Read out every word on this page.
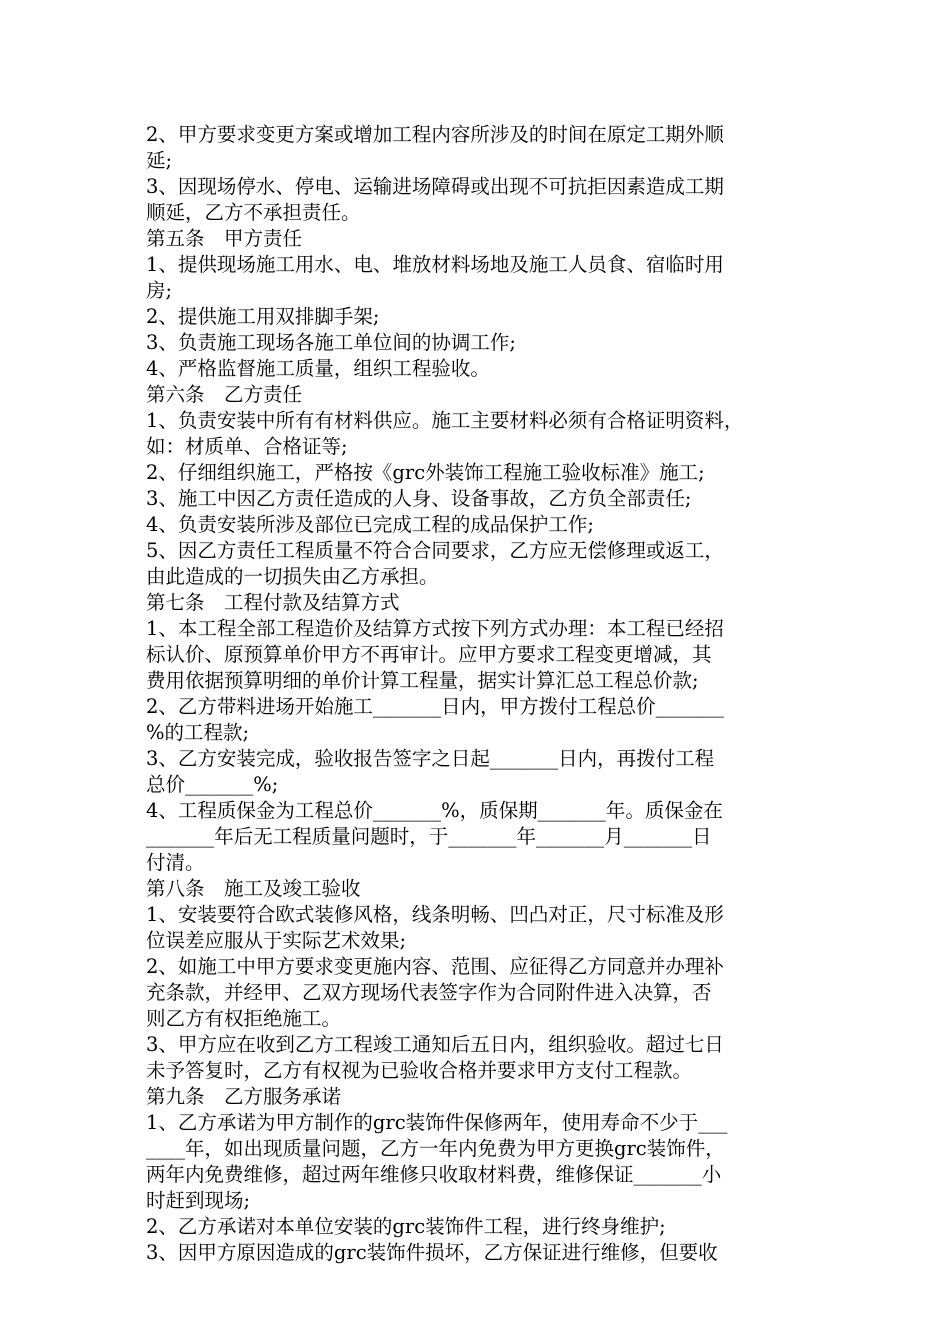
2、甲方要求变更方案或增加工程内容所涉及的时间在原定工期外顺
延;
3、因现场停水、停电、运输进场障碍或出现不可抗拒因素造成工期
顺延，乙方不承担责任。
第五条　甲方责任
1、提供现场施工用水、电、堆放材料场地及施工人员食、宿临时用
房;
2、提供施工用双排脚手架;
3、负责施工现场各施工单位间的协调工作;
4、严格监督施工质量，组织工程验收。
第六条　乙方责任
1、负责安装中所有有材料供应。施工主要材料必须有合格证明资料，
如：材质单、合格证等;
2、仔细组织施工，严格按《grc外装饰工程施工验收标准》施工;
3、施工中因乙方责任造成的人身、设备事故，乙方负全部责任;
4、负责安装所涉及部位已完成工程的成品保护工作;
5、因乙方责任工程质量不符合合同要求，乙方应无偿修理或返工，
由此造成的一切损失由乙方承担。
第七条　工程付款及结算方式
1、本工程全部工程造价及结算方式按下列方式办理：本工程已经招
标认价、原预算单价甲方不再审计。应甲方要求工程变更增减，其
费用依据预算明细的单价计算工程量，据实计算汇总工程总价款;
2、乙方带料进场开始施工_______日内，甲方拨付工程总价_______
%的工程款;
3、乙方安装完成，验收报告签字之日起_______日内，再拨付工程
总价_______%;
4、工程质保金为工程总价_______%，质保期_______年。质保金在
_______年后无工程质量问题时，于_______年_______月_______日
付清。
第八条　施工及竣工验收
1、安装要符合欧式装修风格，线条明畅、凹凸对正，尺寸标准及形
位误差应服从于实际艺术效果;
2、如施工中甲方要求变更施内容、范围、应征得乙方同意并办理补
充条款，并经甲、乙双方现场代表签字作为合同附件进入决算，否
则乙方有权拒绝施工。
3、甲方应在收到乙方工程竣工通知后五日内，组织验收。超过七日
未予答复时，乙方有权视为已验收合格并要求甲方支付工程款。
第九条　乙方服务承诺
1、乙方承诺为甲方制作的grc装饰件保修两年，使用寿命不少于___
____年，如出现质量问题，乙方一年内免费为甲方更换grc装饰件，
两年内免费维修，超过两年维修只收取材料费，维修保证_______小
时赶到现场;
2、乙方承诺对本单位安装的grc装饰件工程，进行终身维护;
3、因甲方原因造成的grc装饰件损坏，乙方保证进行维修，但要收
